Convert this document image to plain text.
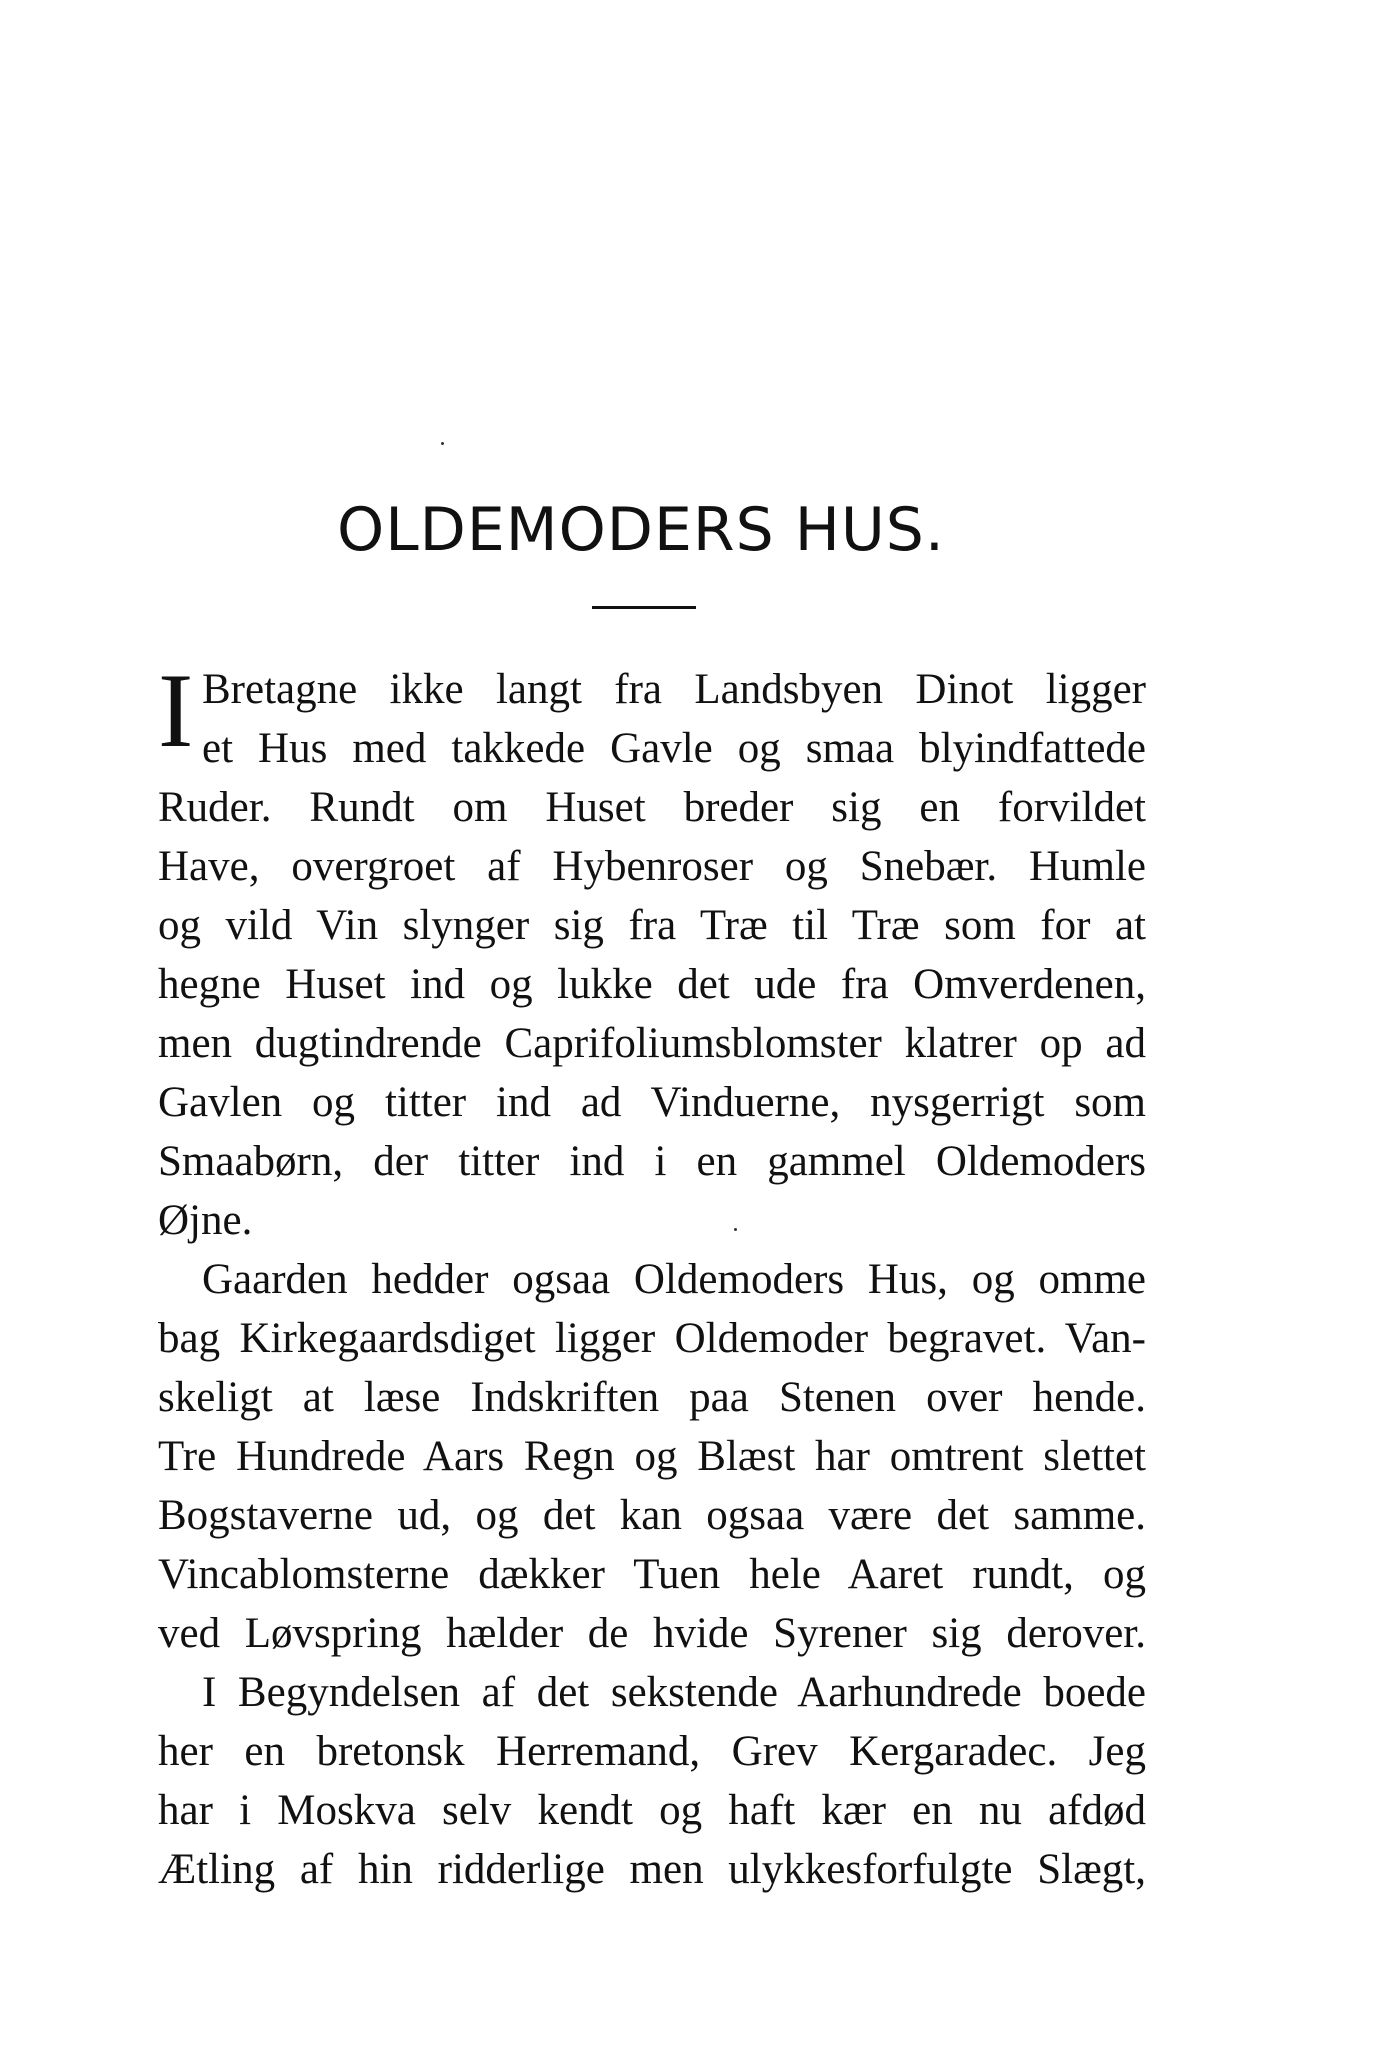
OLDEMODERS HUS.
I Bretagne ikke langt fra Landsbyen Dinot ligger
et Hus med takkede Gavle og smaa blyindfattede
Ruder. Rundt om Huset breder sig en forvildet
Have, overgroet af Hybenroser og Snebær. Humle
og vild Vin slynger sig fra Træ til Træ som for at
hegne Huset ind og lukke det ude fra Omverdenen,
men dugtindrende Caprifoliumsblomster klatrer op ad
Gavlen og titter ind ad Vinduerne, nysgerrigt som
Smaabørn, der titter ind i en gammel Oldemoders
Øjne.
Gaarden hedder ogsaa Oldemoders Hus, og omme
bag Kirkegaardsdiget ligger Oldemoder begravet. Van-
skeligt at læse Indskriften paa Stenen over hende.
Tre Hundrede Aars Regn og Blæst har omtrent slettet
Bogstaverne ud, og det kan ogsaa være det samme.
Vincablomsterne dækker Tuen hele Aaret rundt, og
ved Løvspring hælder de hvide Syrener sig derover.
I Begyndelsen af det sekstende Aarhundrede boede
her en bretonsk Herremand, Grev Kergaradec. Jeg
har i Moskva selv kendt og haft kær en nu afdød
Ætling af hin ridderlige men ulykkesforfulgte Slægt,
